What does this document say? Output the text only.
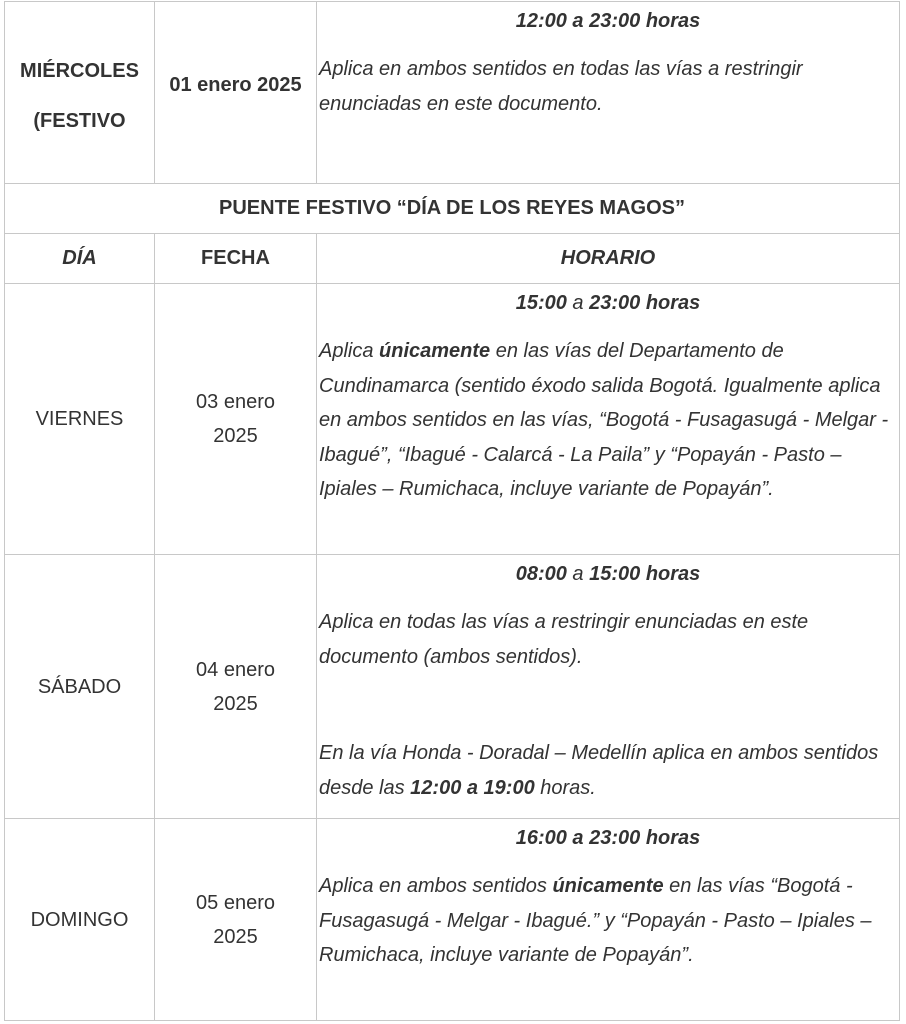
MIÉRCOLES (FESTIVO	01 enero 2025	12:00 a 23:00 horas
Aplica en ambos sentidos en todas las vías a restringir enunciadas en este documento.

PUENTE FESTIVO “DÍA DE LOS REYES MAGOS”		
DÍA	FECHA	HORARIO
VIERNES	03 enero 2025	15:00 a 23:00 horas
Aplica únicamente en las vías del Departamento de Cundinamarca (sentido éxodo salida Bogotá. Igualmente aplica en ambos sentidos en las vías, “Bogotá - Fusagasugá - Melgar - Ibagué”, “Ibagué - Calarcá - La Paila” y “Popayán - Pasto – Ipiales – Rumichaca, incluye variante de Popayán”.

SÁBADO	04 enero 2025	08:00 a 15:00 horas
Aplica en todas las vías a restringir enunciadas en este documento (ambos sentidos).
En la vía Honda - Doradal – Medellín aplica en ambos sentidos desde las 12:00 a 19:00 horas.

DOMINGO	05 enero 2025	16:00 a 23:00 horas
Aplica en ambos sentidos únicamente en las vías “Bogotá - Fusagasugá - Melgar - Ibagué.” y “Popayán - Pasto – Ipiales – Rumichaca, incluye variante de Popayán”.
